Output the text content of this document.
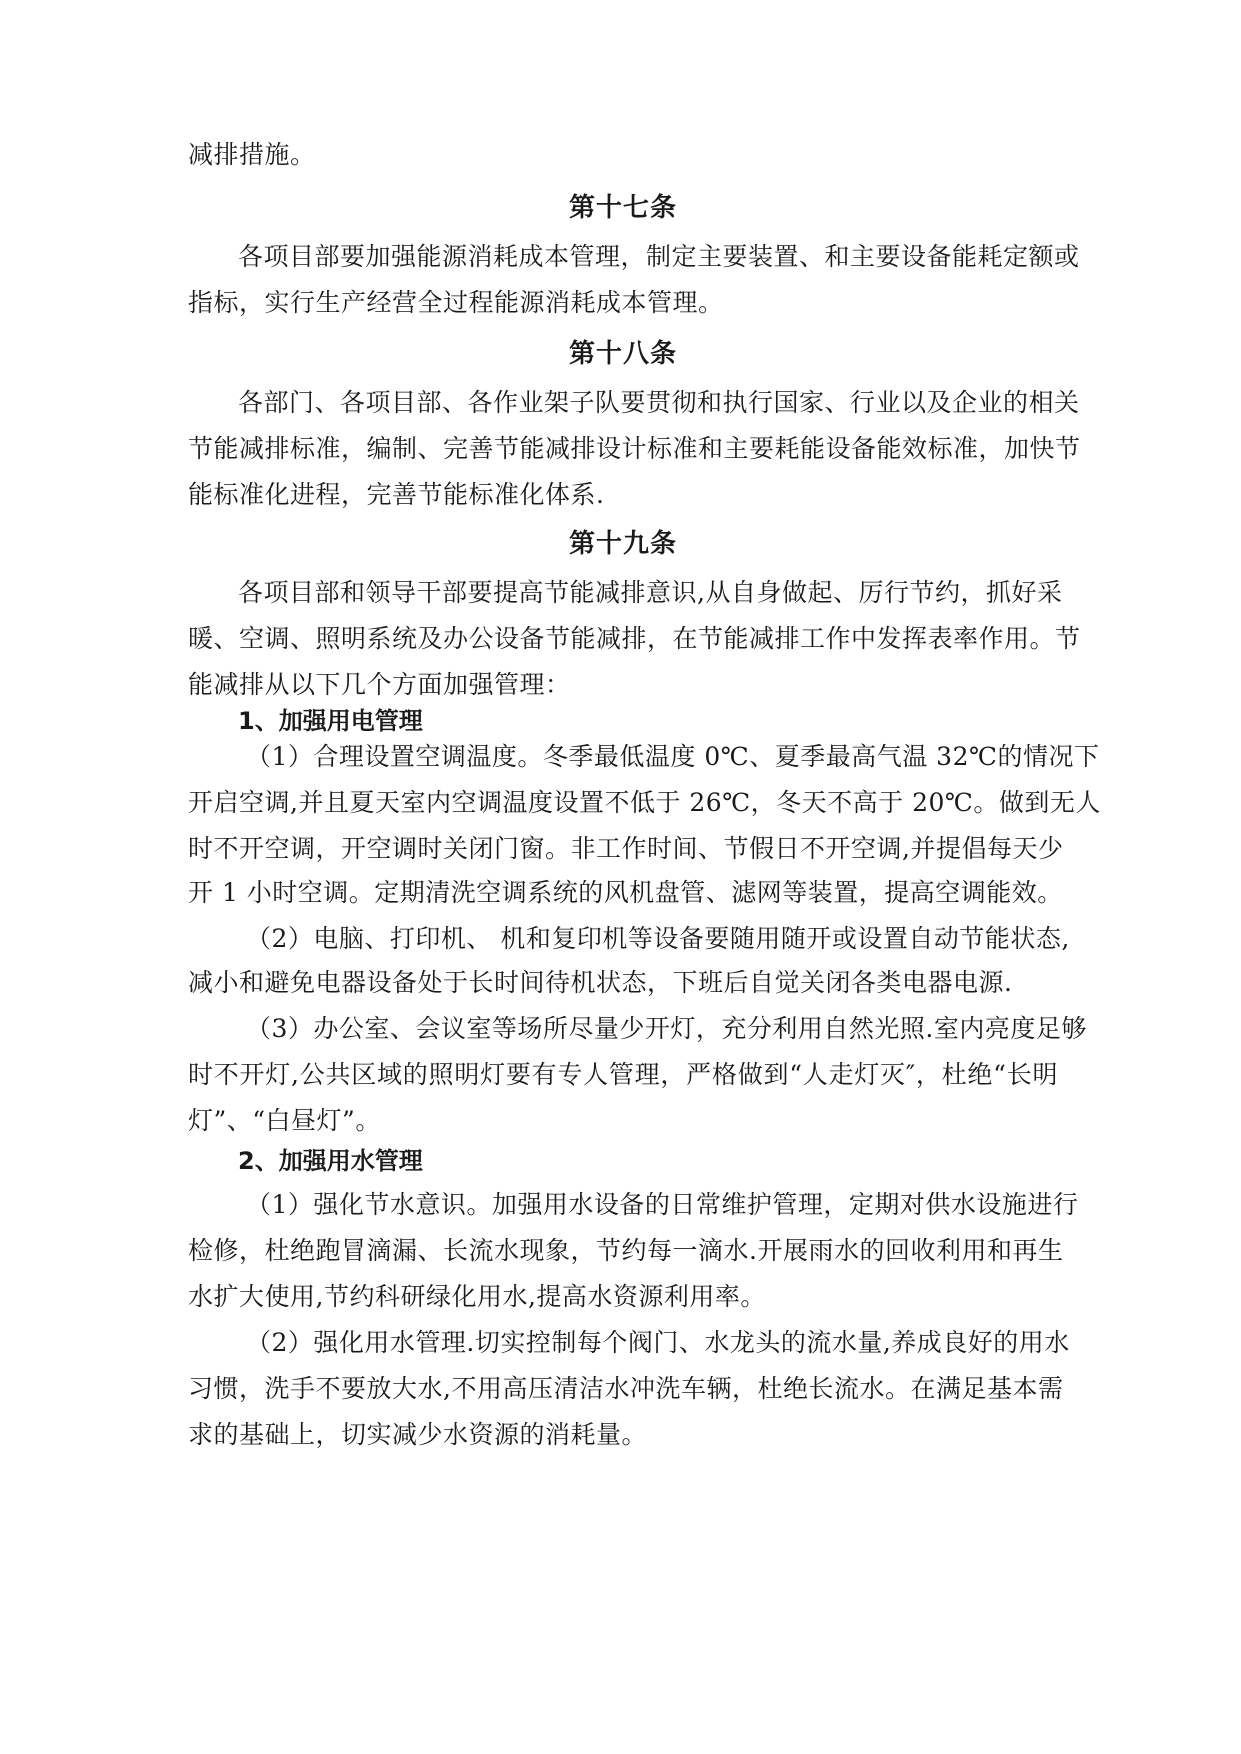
减排措施。
第十七条
各项目部要加强能源消耗成本管理，制定主要装置、和主要设备能耗定额或
指标，实行生产经营全过程能源消耗成本管理。
第十八条
各部门、各项目部、各作业架子队要贯彻和执行国家、行业以及企业的相关
节能减排标准，编制、完善节能减排设计标准和主要耗能设备能效标准，加快节
能标准化进程，完善节能标准化体系.
第十九条
各项目部和领导干部要提高节能减排意识,从自身做起、厉行节约，抓好采
暖、空调、照明系统及办公设备节能减排，在节能减排工作中发挥表率作用。节
能减排从以下几个方面加强管理：
1、加强用电管理
（1）合理设置空调温度。冬季最低温度 0℃、夏季最高气温 32℃的情况下
开启空调,并且夏天室内空调温度设置不低于 26℃，冬天不高于 20℃。做到无人
时不开空调，开空调时关闭门窗。非工作时间、节假日不开空调,并提倡每天少
开 1 小时空调。定期清洗空调系统的风机盘管、滤网等装置，提高空调能效。
（2）电脑、打印机、 机和复印机等设备要随用随开或设置自动节能状态,
减小和避免电器设备处于长时间待机状态，下班后自觉关闭各类电器电源.
（3）办公室、会议室等场所尽量少开灯，充分利用自然光照.室内亮度足够
时不开灯,公共区域的照明灯要有专人管理，严格做到“人走灯灭″，杜绝“长明
灯”、“白昼灯”。
2、加强用水管理
（1）强化节水意识。加强用水设备的日常维护管理，定期对供水设施进行
检修，杜绝跑冒滴漏、长流水现象，节约每一滴水.开展雨水的回收利用和再生
水扩大使用,节约科研绿化用水,提高水资源利用率。
（2）强化用水管理.切实控制每个阀门、水龙头的流水量,养成良好的用水
习惯，洗手不要放大水,不用高压清洁水冲洗车辆，杜绝长流水。在满足基本需
求的基础上，切实减少水资源的消耗量。
